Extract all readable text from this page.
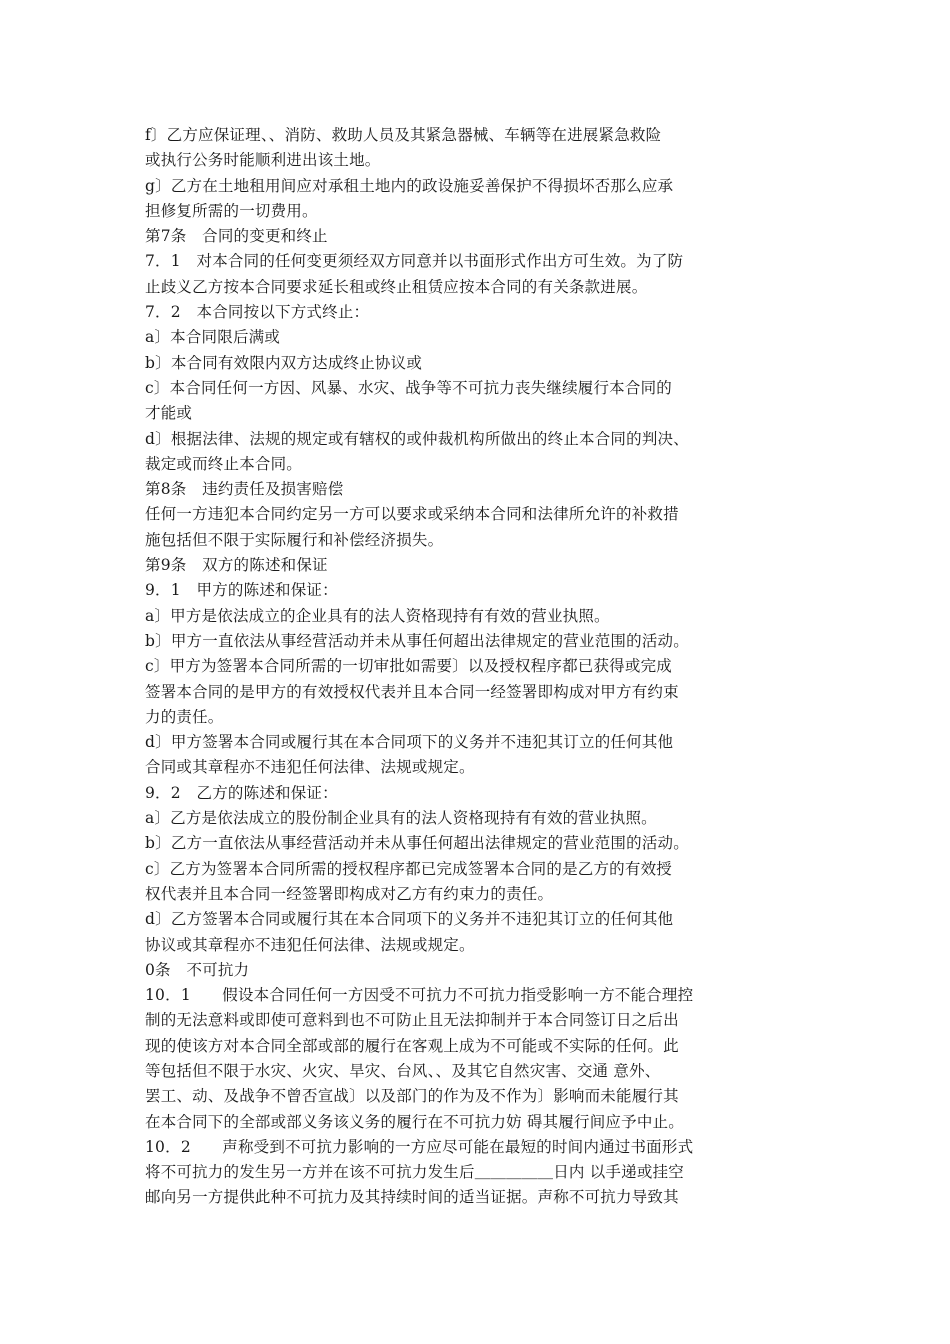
f〕乙方应保证理、、消防、救助人员及其紧急器械、车辆等在进展紧急救险
或执行公务时能顺利进出该土地。
g〕乙方在土地租用间应对承租土地内的政设施妥善保护不得损坏否那么应承
担修复所需的一切费用。
第7条　合同的变更和终止
7．1　对本合同的任何变更须经双方同意并以书面形式作出方可生效。为了防
止歧义乙方按本合同要求延长租或终止租赁应按本合同的有关条款进展。
7．2　本合同按以下方式终止：
a〕本合同限后满或
b〕本合同有效限内双方达成终止协议或
c〕本合同任何一方因、风暴、水灾、战争等不可抗力丧失继续履行本合同的
才能或
d〕根据法律、法规的规定或有辖权的或仲裁机构所做出的终止本合同的判决、
裁定或而终止本合同。
第8条　违约责任及损害赔偿
任何一方违犯本合同约定另一方可以要求或采纳本合同和法律所允许的补救措
施包括但不限于实际履行和补偿经济损失。
第9条　双方的陈述和保证
9．1　甲方的陈述和保证：
a〕甲方是依法成立的企业具有的法人资格现持有有效的营业执照。
b〕甲方一直依法从事经营活动并未从事任何超出法律规定的营业范围的活动。
c〕甲方为签署本合同所需的一切审批如需要〕以及授权程序都已获得或完成
签署本合同的是甲方的有效授权代表并且本合同一经签署即构成对甲方有约束
力的责任。
d〕甲方签署本合同或履行其在本合同项下的义务并不违犯其订立的任何其他
合同或其章程亦不违犯任何法律、法规或规定。
9．2　乙方的陈述和保证：
a〕乙方是依法成立的股份制企业具有的法人资格现持有有效的营业执照。
b〕乙方一直依法从事经营活动并未从事任何超出法律规定的营业范围的活动。
c〕乙方为签署本合同所需的授权程序都已完成签署本合同的是乙方的有效授
权代表并且本合同一经签署即构成对乙方有约束力的责任。
d〕乙方签署本合同或履行其在本合同项下的义务并不违犯其订立的任何其他
协议或其章程亦不违犯任何法律、法规或规定。
0条　不可抗力
10．1　　假设本合同任何一方因受不可抗力不可抗力指受影响一方不能合理控
制的无法意料或即使可意料到也不可防止且无法抑制并于本合同签订日之后出
现的使该方对本合同全部或部的履行在客观上成为不可能或不实际的任何。此
等包括但不限于水灾、火灾、旱灾、台风、、及其它自然灾害、交通 意外、
罢工、动、及战争不曾否宣战〕以及部门的作为及不作为〕影响而未能履行其
在本合同下的全部或部义务该义务的履行在不可抗力妨 碍其履行间应予中止。
10．2　　声称受到不可抗力影响的一方应尽可能在最短的时间内通过书面形式
将不可抗力的发生另一方并在该不可抗力发生后＿＿＿＿＿日内 以手递或挂空
邮向另一方提供此种不可抗力及其持续时间的适当证据。声称不可抗力导致其
